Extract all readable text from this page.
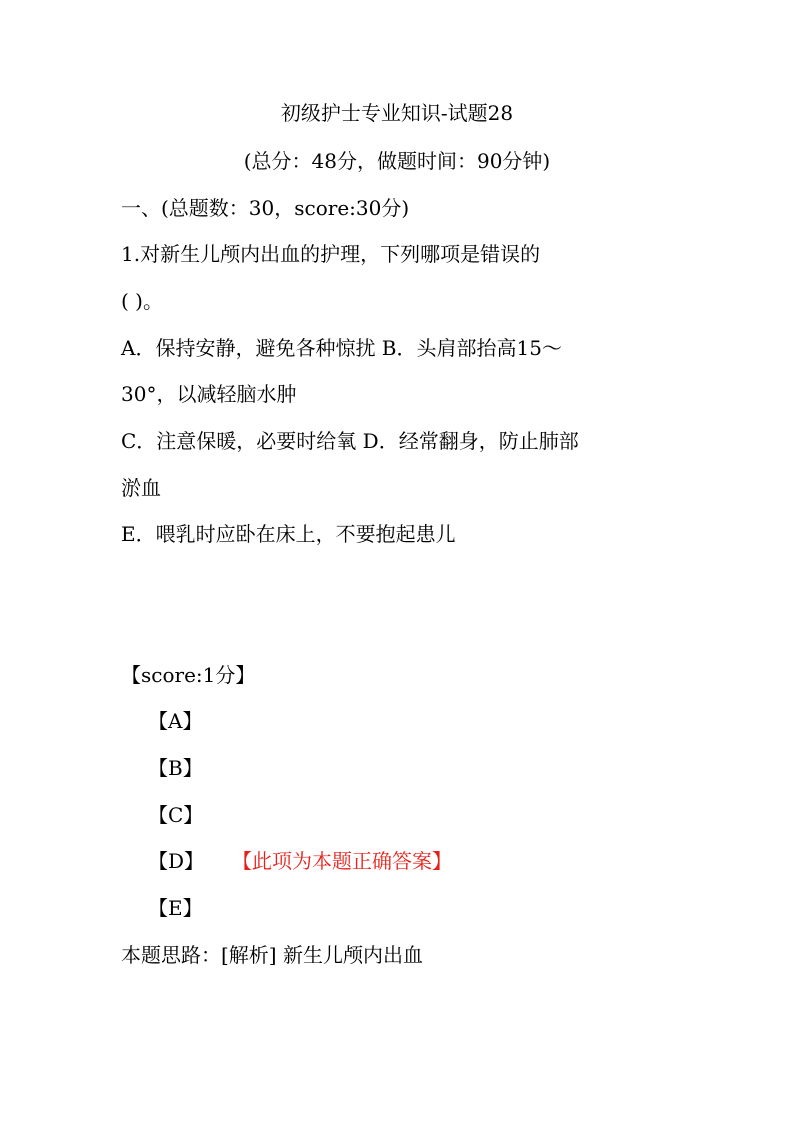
初级护士专业知识-试题28
(总分：48分，做题时间：90分钟)
一、(总题数：30，score:30分)
1.对新生儿颅内出血的护理，下列哪项是错误的
( )。
A．保持安静，避免各种惊扰 B．头肩部抬高15～
30°，以减轻脑水肿
C．注意保暖，必要时给氧 D．经常翻身，防止肺部
淤血
E．喂乳时应卧在床上，不要抱起患儿
【score:1分】
【A】
【B】
【C】
【D】 【此项为本题正确答案】
【E】
本题思路：[解析] 新生儿颅内出血
